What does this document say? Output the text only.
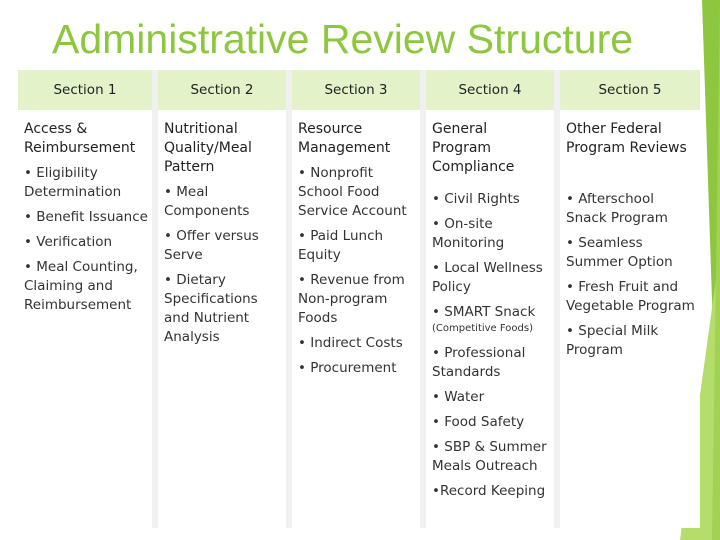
Administrative Review Structure
Section 1
Access & Reimbursement
• Eligibility Determination
• Benefit Issuance
• Verification
• Meal Counting, Claiming and Reimbursement
Section 2
Nutritional Quality/Meal Pattern
• Meal Components
• Offer versus Serve
• Dietary Specifications and Nutrient Analysis
Section 3
Resource Management
• Nonprofit School Food Service Account
• Paid Lunch Equity
• Revenue from Non-program Foods
• Indirect Costs
• Procurement
Section 4
General Program Compliance
• Civil Rights
• On-site Monitoring
• Local Wellness Policy
• SMART Snack
(Competitive Foods)
• Professional Standards
• Water
• Food Safety
• SBP & Summer Meals Outreach
•Record Keeping
Section 5
Other Federal Program Reviews
• Afterschool Snack Program
• Seamless Summer Option
• Fresh Fruit and Vegetable Program
• Special Milk Program
